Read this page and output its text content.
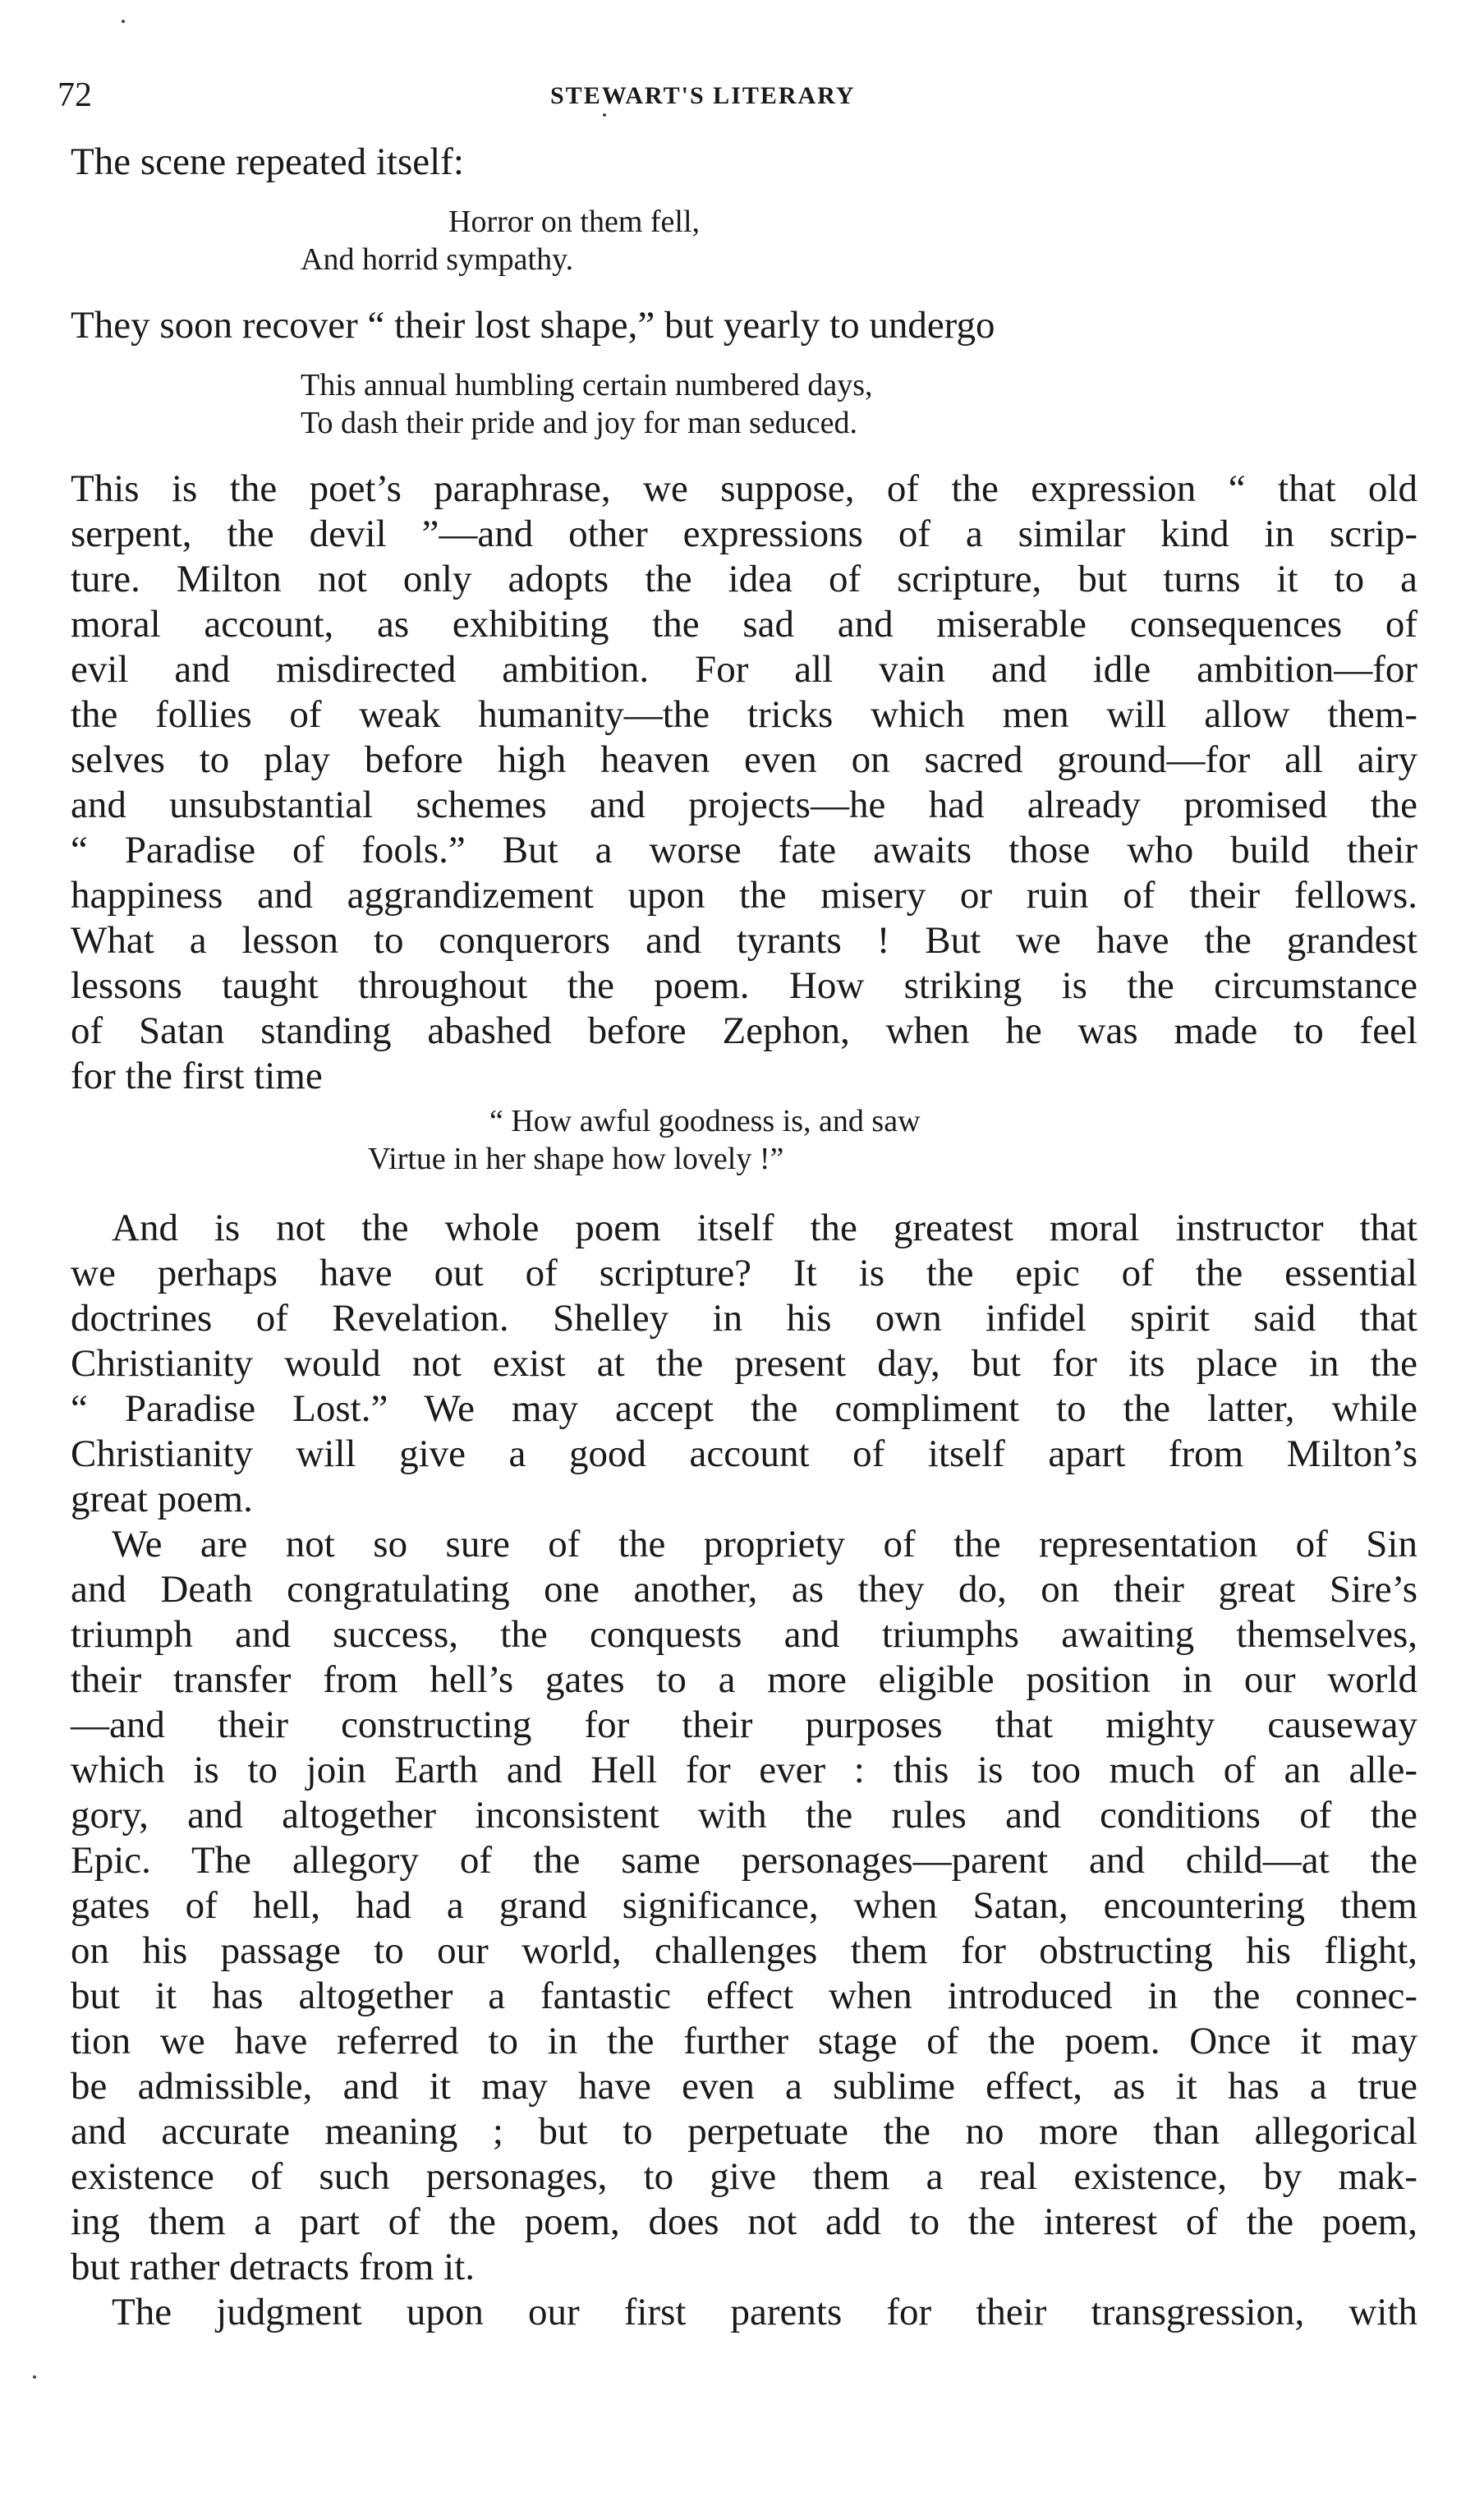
72	STEWART'S LITERARY
The scene repeated itself:
Horror on them fell,
And horrid sympathy.
They soon recover “ their lost shape,” but yearly to undergo
This annual humbling certain numbered days,
To dash their pride and joy for man seduced.
This is the poet’s paraphrase, we suppose, of the expression “ that old
serpent, the devil ”—and other expressions of a similar kind in scrip-
ture. Milton not only adopts the idea of scripture, but turns it to a
moral account, as exhibiting the sad and miserable consequences of
evil and misdirected ambition. For all vain and idle ambition—for
the follies of weak humanity—the tricks which men will allow them-
selves to play before high heaven even on sacred ground—for all airy
and unsubstantial schemes and projects—he had already promised the
“ Paradise of fools.” But a worse fate awaits those who build their
happiness and aggrandizement upon the misery or ruin of their fellows.
What a lesson to conquerors and tyrants ! But we have the grandest
lessons taught throughout the poem. How striking is the circumstance
of Satan standing abashed before Zephon, when he was made to feel
for the first time
“ How awful goodness is, and saw
Virtue in her shape how lovely !”
And is not the whole poem itself the greatest moral instructor that
we perhaps have out of scripture? It is the epic of the essential
doctrines of Revelation. Shelley in his own infidel spirit said that
Christianity would not exist at the present day, but for its place in the
“ Paradise Lost.” We may accept the compliment to the latter, while
Christianity will give a good account of itself apart from Milton’s
great poem.
We are not so sure of the propriety of the representation of Sin
and Death congratulating one another, as they do, on their great Sire’s
triumph and success, the conquests and triumphs awaiting themselves,
their transfer from hell’s gates to a more eligible position in our world
—and their constructing for their purposes that mighty causeway
which is to join Earth and Hell for ever : this is too much of an alle-
gory, and altogether inconsistent with the rules and conditions of the
Epic. The allegory of the same personages—parent and child—at the
gates of hell, had a grand significance, when Satan, encountering them
on his passage to our world, challenges them for obstructing his flight,
but it has altogether a fantastic effect when introduced in the connec-
tion we have referred to in the further stage of the poem. Once it may
be admissible, and it may have even a sublime effect, as it has a true
and accurate meaning ; but to perpetuate the no more than allegorical
existence of such personages, to give them a real existence, by mak-
ing them a part of the poem, does not add to the interest of the poem,
but rather detracts from it.
The judgment upon our first parents for their transgression, with
